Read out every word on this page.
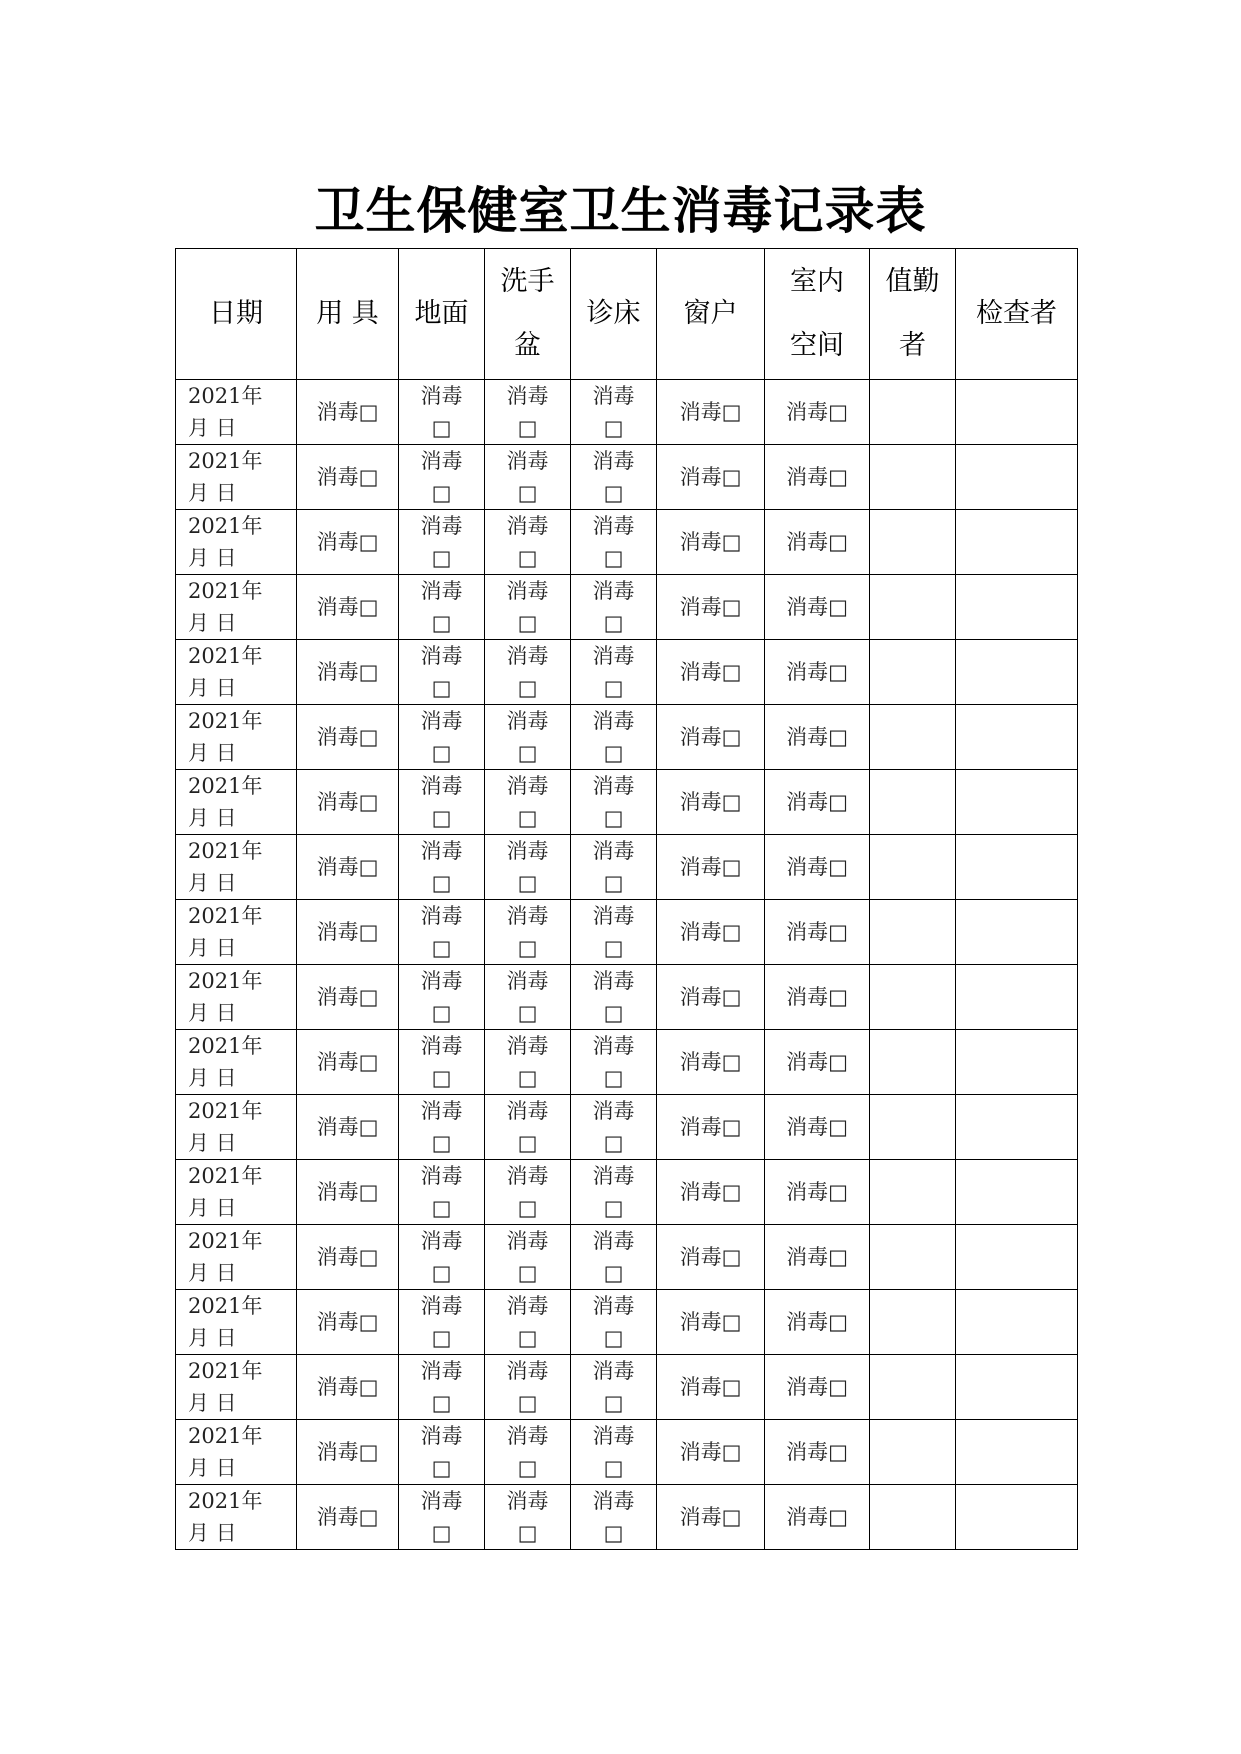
卫生保健室卫生消毒记录表
日期	用 具	地面	洗手盆	诊床	窗户	室内空间	值勤者	检查者
2021年 月 日	消毒□	消毒□	消毒□	消毒□	消毒□	消毒□		
2021年 月 日	消毒□	消毒□	消毒□	消毒□	消毒□	消毒□		
2021年 月 日	消毒□	消毒□	消毒□	消毒□	消毒□	消毒□		
2021年 月 日	消毒□	消毒□	消毒□	消毒□	消毒□	消毒□		
2021年 月 日	消毒□	消毒□	消毒□	消毒□	消毒□	消毒□		
2021年 月 日	消毒□	消毒□	消毒□	消毒□	消毒□	消毒□		
2021年 月 日	消毒□	消毒□	消毒□	消毒□	消毒□	消毒□		
2021年 月 日	消毒□	消毒□	消毒□	消毒□	消毒□	消毒□		
2021年 月 日	消毒□	消毒□	消毒□	消毒□	消毒□	消毒□		
2021年 月 日	消毒□	消毒□	消毒□	消毒□	消毒□	消毒□		
2021年 月 日	消毒□	消毒□	消毒□	消毒□	消毒□	消毒□		
2021年 月 日	消毒□	消毒□	消毒□	消毒□	消毒□	消毒□		
2021年 月 日	消毒□	消毒□	消毒□	消毒□	消毒□	消毒□		
2021年 月 日	消毒□	消毒□	消毒□	消毒□	消毒□	消毒□		
2021年 月 日	消毒□	消毒□	消毒□	消毒□	消毒□	消毒□		
2021年 月 日	消毒□	消毒□	消毒□	消毒□	消毒□	消毒□		
2021年 月 日	消毒□	消毒□	消毒□	消毒□	消毒□	消毒□		
2021年 月 日	消毒□	消毒□	消毒□	消毒□	消毒□	消毒□		
